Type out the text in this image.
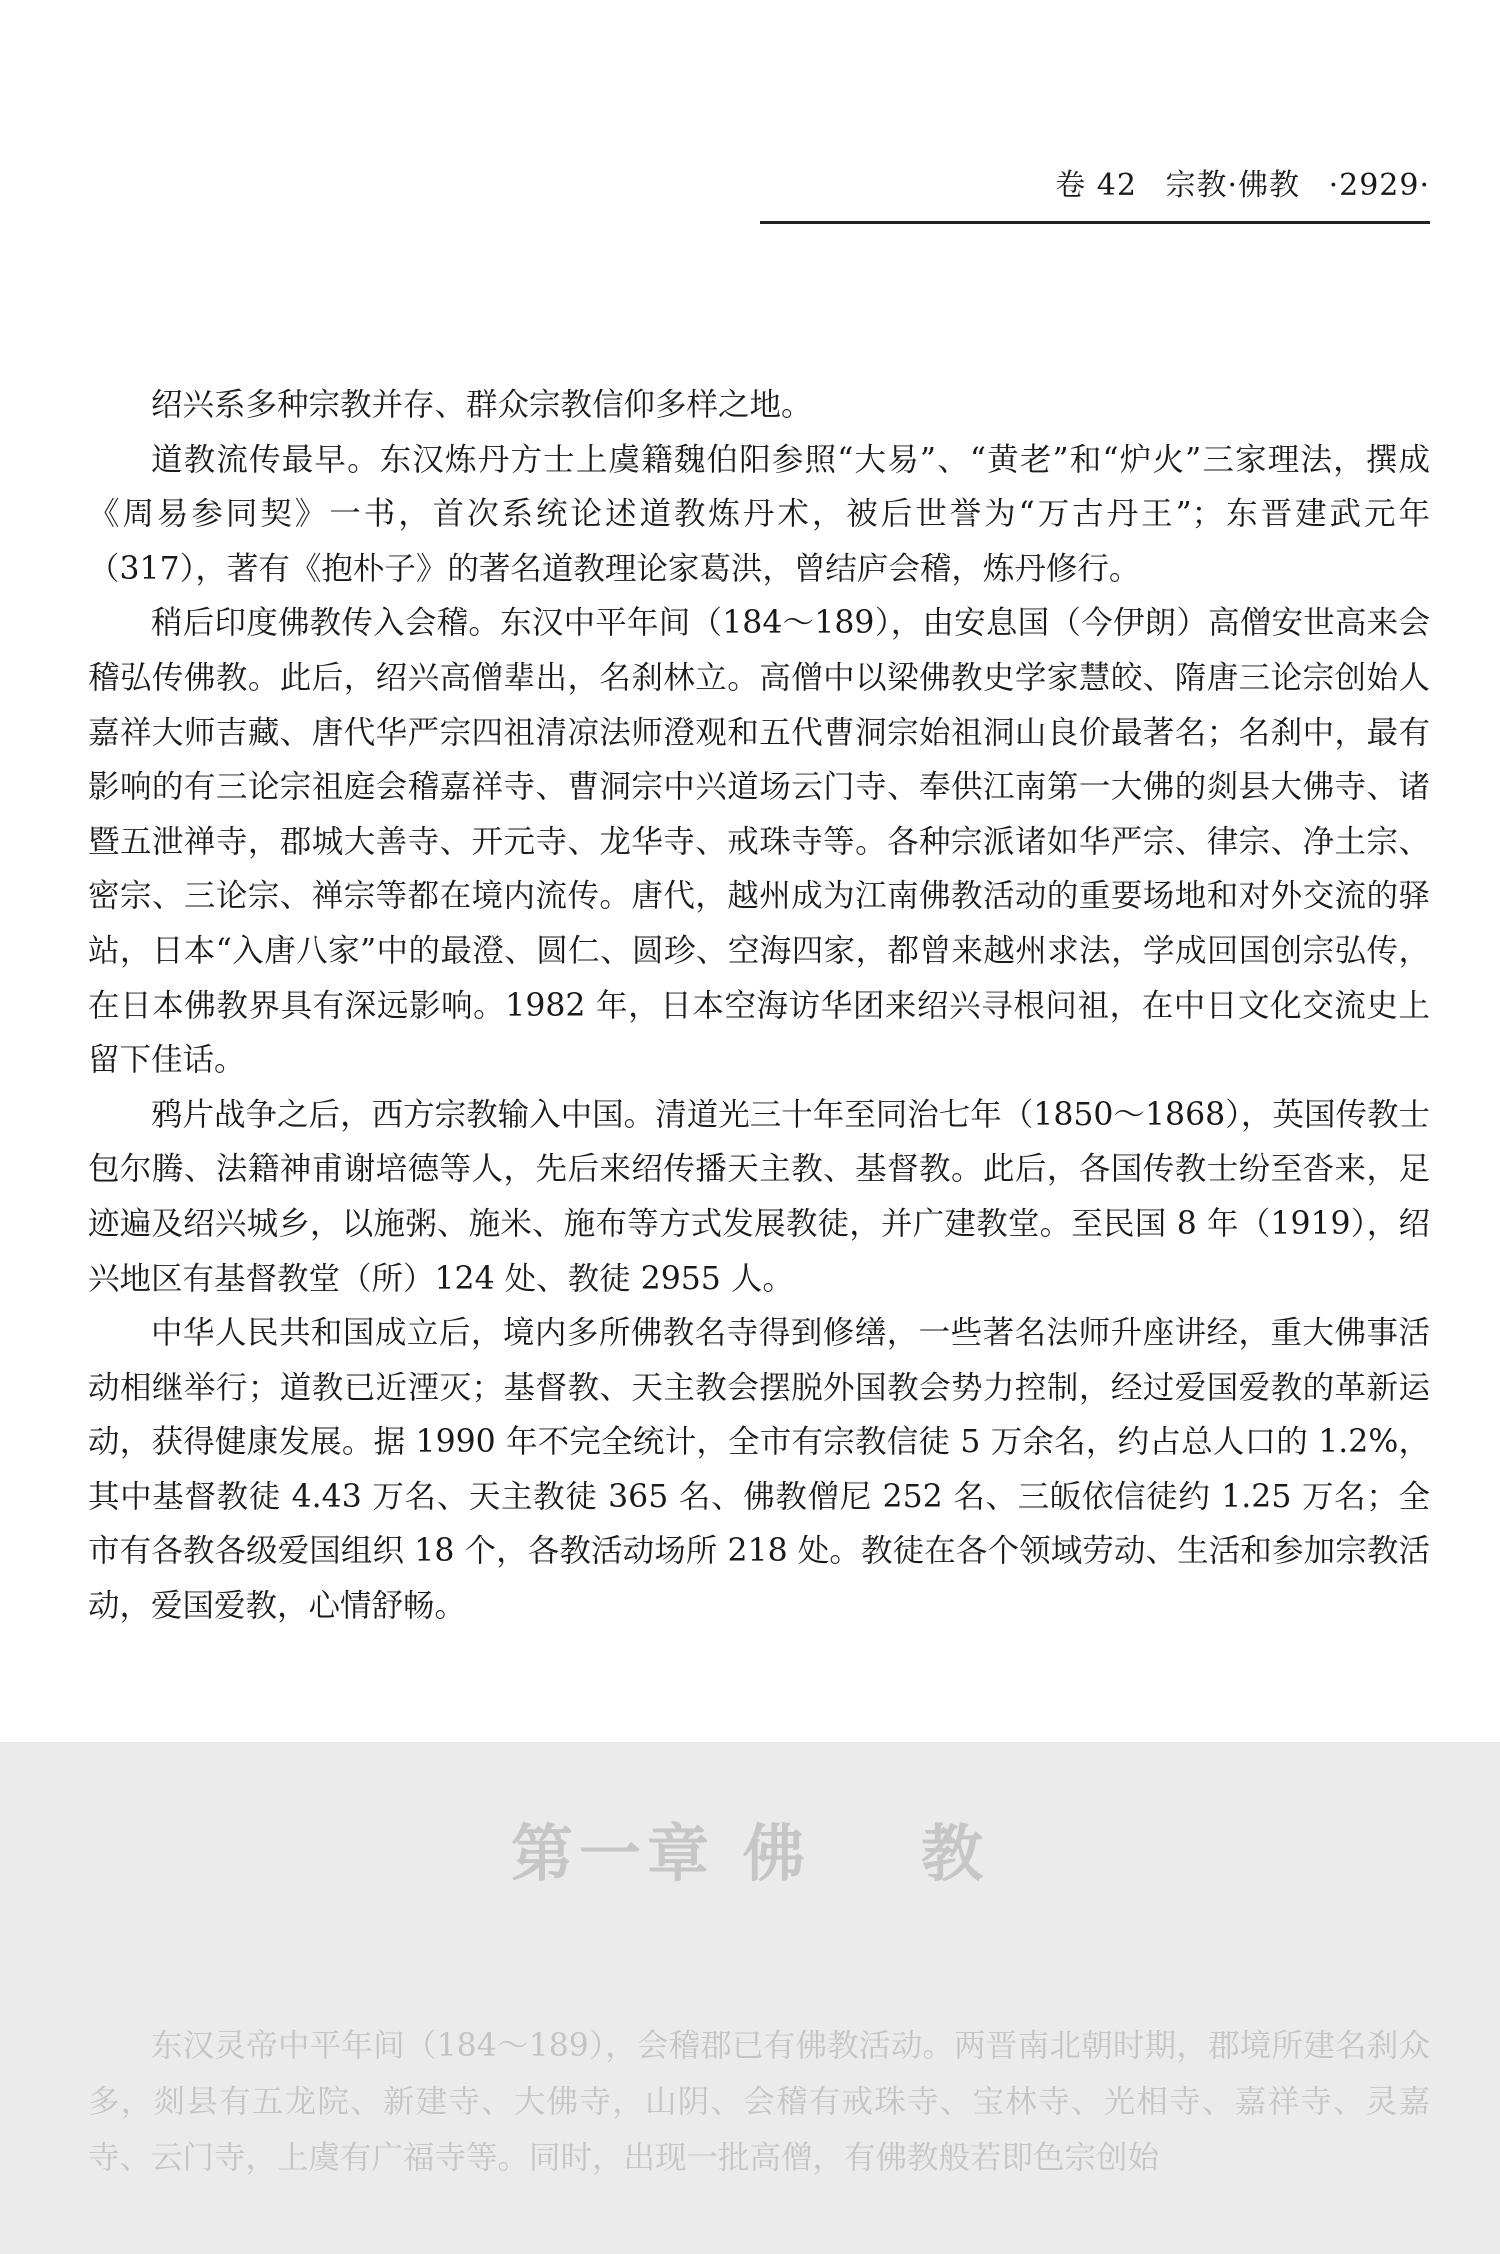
卷 42 宗教·佛教 ·2929·

绍兴系多种宗教并存、群众宗教信仰多样之地。

道教流传最早。东汉炼丹方士上虞籍魏伯阳参照“大易”、“黄老”和“炉火”三家理法，撰成《周易参同契》一书，首次系统论述道教炼丹术，被后世誉为“万古丹王”；东晋建武元年（317），著有《抱朴子》的著名道教理论家葛洪，曾结庐会稽，炼丹修行。

稍后印度佛教传入会稽。东汉中平年间（184～189），由安息国（今伊朗）高僧安世高来会稽弘传佛教。此后，绍兴高僧辈出，名刹林立。高僧中以梁佛教史学家慧皎、隋唐三论宗创始人嘉祥大师吉藏、唐代华严宗四祖清凉法师澄观和五代曹洞宗始祖洞山良价最著名；名刹中，最有影响的有三论宗祖庭会稽嘉祥寺、曹洞宗中兴道场云门寺、奉供江南第一大佛的剡县大佛寺、诸暨五泄禅寺，郡城大善寺、开元寺、龙华寺、戒珠寺等。各种宗派诸如华严宗、律宗、净土宗、密宗、三论宗、禅宗等都在境内流传。唐代，越州成为江南佛教活动的重要场地和对外交流的驿站，日本“入唐八家”中的最澄、圆仁、圆珍、空海四家，都曾来越州求法，学成回国创宗弘传，在日本佛教界具有深远影响。1982 年，日本空海访华团来绍兴寻根问祖，在中日文化交流史上留下佳话。

鸦片战争之后，西方宗教输入中国。清道光三十年至同治七年（1850～1868），英国传教士包尔腾、法籍神甫谢培德等人，先后来绍传播天主教、基督教。此后，各国传教士纷至沓来，足迹遍及绍兴城乡，以施粥、施米、施布等方式发展教徒，并广建教堂。至民国 8 年（1919），绍兴地区有基督教堂（所）124 处、教徒 2955 人。

中华人民共和国成立后，境内多所佛教名寺得到修缮，一些著名法师升座讲经，重大佛事活动相继举行；道教已近湮灭；基督教、天主教会摆脱外国教会势力控制，经过爱国爱教的革新运动，获得健康发展。据 1990 年不完全统计，全市有宗教信徒 5 万余名，约占总人口的 1.2%，其中基督教徒 4.43 万名、天主教徒 365 名、佛教僧尼 252 名、三皈依信徒约 1.25 万名；全市有各教各级爱国组织 18 个，各教活动场所 218 处。教徒在各个领域劳动、生活和参加宗教活动，爱国爱教，心情舒畅。

第一章 佛    教

东汉灵帝中平年间（184～189），会稽郡已有佛教活动。两晋南北朝时期，郡境所建名刹众多，剡县有五龙院、新建寺、大佛寺，山阴、会稽有戒珠寺、宝林寺、光相寺、嘉祥寺、灵嘉寺、云门寺，上虞有广福寺等。同时，出现一批高僧，有佛教般若即色宗创始
